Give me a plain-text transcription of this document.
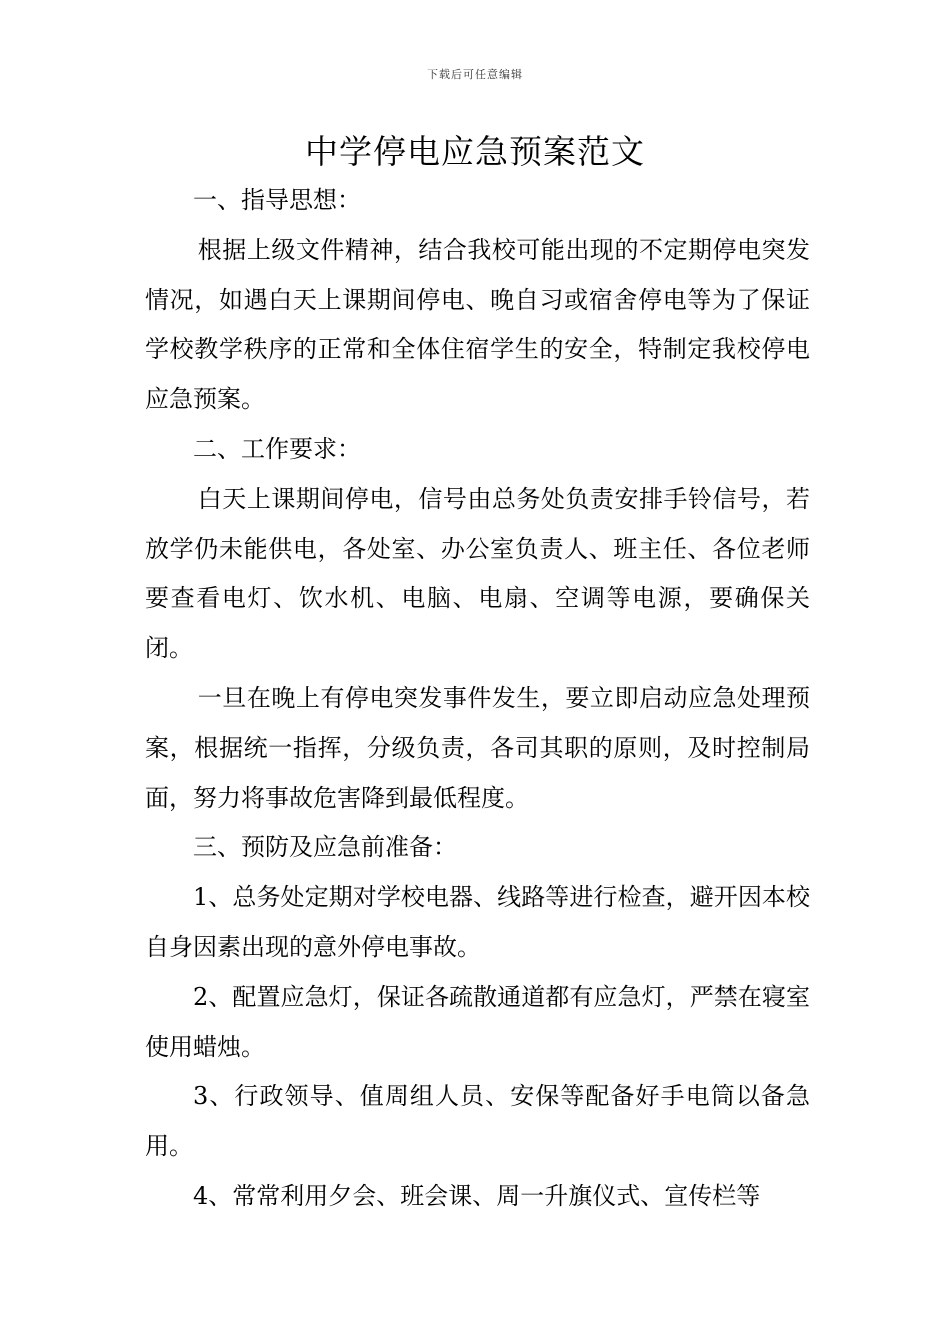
下载后可任意编辑
中学停电应急预案范文

一、指导思想：

根据上级文件精神，结合我校可能出现的不定期停电突发情况，如遇白天上课期间停电、晚自习或宿舍停电等为了保证学校教学秩序的正常和全体住宿学生的安全，特制定我校停电应急预案。

二、工作要求：

白天上课期间停电，信号由总务处负责安排手铃信号，若放学仍未能供电，各处室、办公室负责人、班主任、各位老师要查看电灯、饮水机、电脑、电扇、空调等电源，要确保关闭。

一旦在晚上有停电突发事件发生，要立即启动应急处理预案，根据统一指挥，分级负责，各司其职的原则，及时控制局面，努力将事故危害降到最低程度。

三、预防及应急前准备：

1、总务处定期对学校电器、线路等进行检查，避开因本校自身因素出现的意外停电事故。

2、配置应急灯，保证各疏散通道都有应急灯，严禁在寝室使用蜡烛。

3、行政领导、值周组人员、安保等配备好手电筒以备急用。

4、常常利用夕会、班会课、周一升旗仪式、宣传栏等
